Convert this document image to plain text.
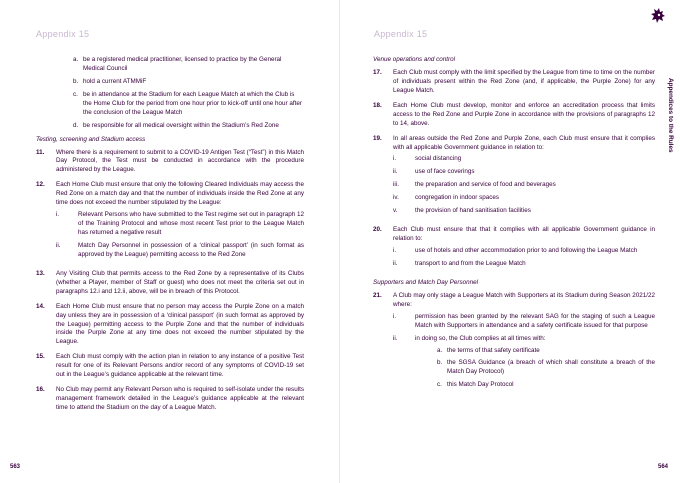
Appendix 15
a. be a registered medical practitioner, licensed to practice by the General Medical Council
b. hold a current ATMMiF
c. be in attendance at the Stadium for each League Match at which the Club is the Home Club for the period from one hour prior to kick-off until one hour after the conclusion of the League Match
d. be responsible for all medical oversight within the Stadium’s Red Zone
Testing, screening and Stadium access
11.	Where there is a requirement to submit to a COVID-19 Antigen Test (“Test”) in this Match Day Protocol, the Test must be conducted in accordance with the procedure administered by the League.
12.	Each Home Club must ensure that only the following Cleared Individuals may access the Red Zone on a match day and that the number of individuals inside the Red Zone at any time does not exceed the number stipulated by the League:
i.	Relevant Persons who have submitted to the Test regime set out in paragraph 12 of the Training Protocol and whose most recent Test prior to the League Match has returned a negative result
ii.	Match Day Personnel in possession of a ‘clinical passport’ (in such format as approved by the League) permitting access to the Red Zone
13.	Any Visiting Club that permits access to the Red Zone by a representative of its Clubs (whether a Player, member of Staff or guest) who does not meet the criteria set out in paragraphs 12.i and 12.ii, above, will be in breach of this Protocol.
14.	Each Home Club must ensure that no person may access the Purple Zone on a match day unless they are in possession of a ‘clinical passport’ (in such format as approved by the League) permitting access to the Purple Zone and that the number of individuals inside the Purple Zone at any time does not exceed the number stipulated by the League.
15.	Each Club must comply with the action plan in relation to any instance of a positive Test result for one of its Relevant Persons and/or record of any symptoms of COVID-19 set out in the League’s guidance applicable at the relevant time.
16.	No Club may permit any Relevant Person who is required to self-isolate under the results management framework detailed in the League’s guidance applicable at the relevant time to attend the Stadium on the day of a League Match.
563
Appendix 15
Appendices to the Rules
Venue operations and control
17.	Each Club must comply with the limit specified by the League from time to time on the number of individuals present within the Red Zone (and, if applicable, the Purple Zone) for any League Match.
18.	Each Home Club must develop, monitor and enforce an accreditation process that limits access to the Red Zone and Purple Zone in accordance with the provisions of paragraphs 12 to 14, above.
19.	In all areas outside the Red Zone and Purple Zone, each Club must ensure that it complies with all applicable Government guidance in relation to:
i.	social distancing
ii.	use of face coverings
iii.	the preparation and service of food and beverages
iv.	congregation in indoor spaces
v.	the provision of hand sanitisation facilities
20.	Each Club must ensure that that it complies with all applicable Government guidance in relation to:
i.	use of hotels and other accommodation prior to and following the League Match
ii.	transport to and from the League Match
Supporters and Match Day Personnel
21.	A Club may only stage a League Match with Supporters at its Stadium during Season 2021/22 where:
i.	permission has been granted by the relevant SAG for the staging of such a League Match with Supporters in attendance and a safety certificate issued for that purpose
ii.	in doing so, the Club complies at all times with:
a. the terms of that safety certificate
b. the SGSA Guidance (a breach of which shall constitute a breach of the Match Day Protocol)
c. this Match Day Protocol
564
